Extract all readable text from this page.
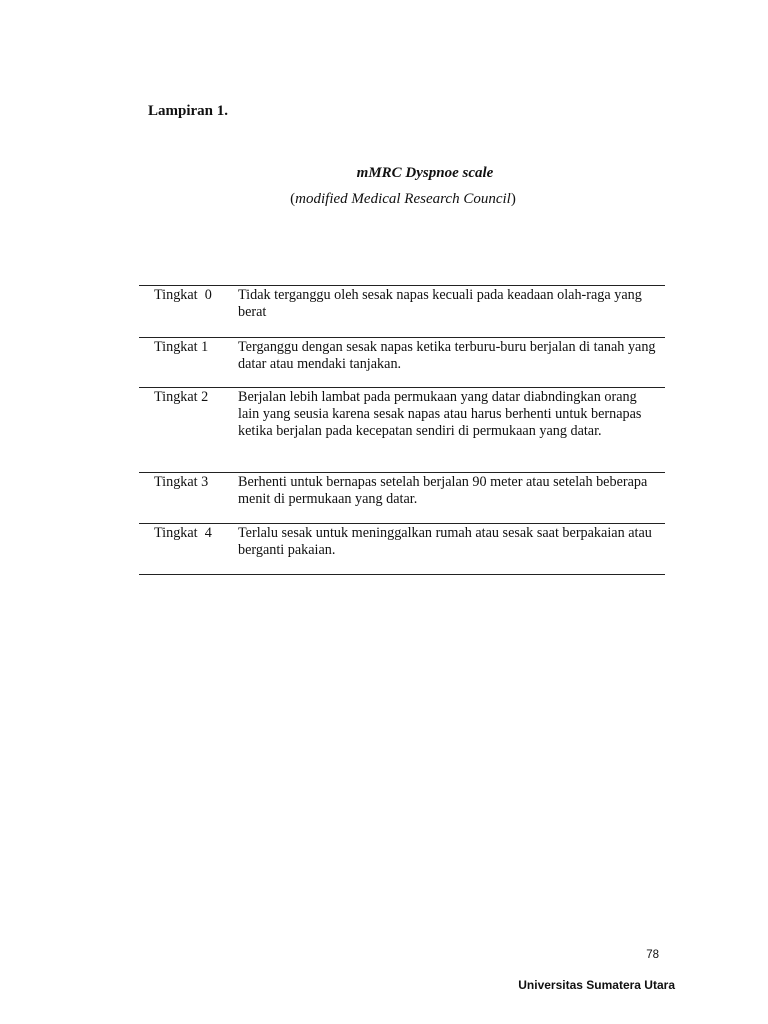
Lampiran 1.
mMRC Dyspnoe scale
(modified Medical Research Council)
Tingkat  0	Tidak terganggu oleh sesak napas kecuali pada keadaan olah-raga yang berat
Tingkat 1	Terganggu dengan sesak napas ketika terburu-buru berjalan di tanah yang datar atau mendaki tanjakan.
Tingkat 2	Berjalan lebih lambat pada permukaan yang datar diabndingkan orang lain yang seusia karena sesak napas atau harus berhenti untuk bernapas ketika berjalan pada kecepatan sendiri di permukaan yang datar.
Tingkat 3	Berhenti untuk bernapas setelah berjalan 90 meter atau setelah beberapa menit di permukaan yang datar.
Tingkat  4	Terlalu sesak untuk meninggalkan rumah atau sesak saat berpakaian atau berganti pakaian.
78
Universitas Sumatera Utara
